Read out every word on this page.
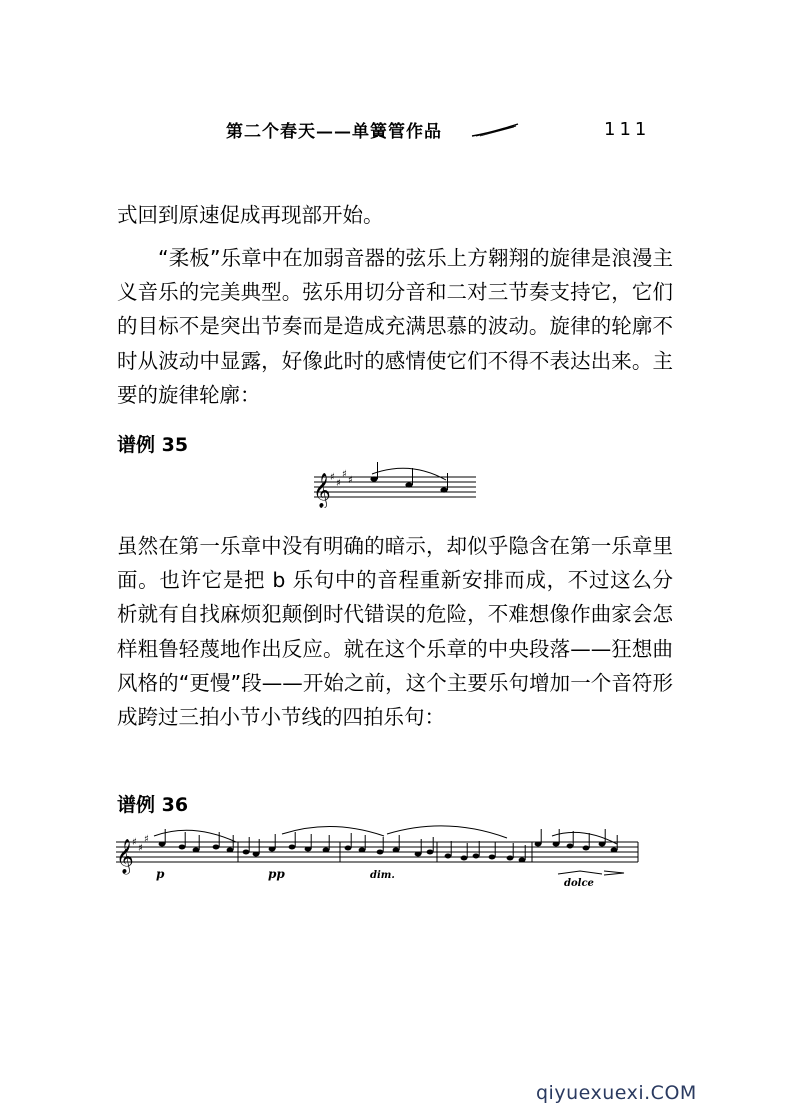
第二个春天——单簧管作品	111

式回到原速促成再现部开始。

“柔板”乐章中在加弱音器的弦乐上方翱翔的旋律是浪漫主义音乐的完美典型。弦乐用切分音和二对三节奏支持它，它们的目标不是突出节奏而是造成充满思慕的波动。旋律的轮廓不时从波动中显露，好像此时的感情使它们不得不表达出来。主要的旋律轮廓：

谱例 35
𝄞 ♯
♯
♯
♯

虽然在第一乐章中没有明确的暗示，却似乎隐含在第一乐章里面。也许它是把 b 乐句中的音程重新安排而成，不过这么分析就有自找麻烦犯颠倒时代错误的危险，不难想像作曲家会怎样粗鲁轻蔑地作出反应。就在这个乐章的中央段落——狂想曲风格的“更慢”段——开始之前，这个主要乐句增加一个音符形成跨过三拍小节小节线的四拍乐句：

谱例 36
𝄞
♯
♯
♯
p	pp	dim.
dolce
qiyuexuexi.COM
